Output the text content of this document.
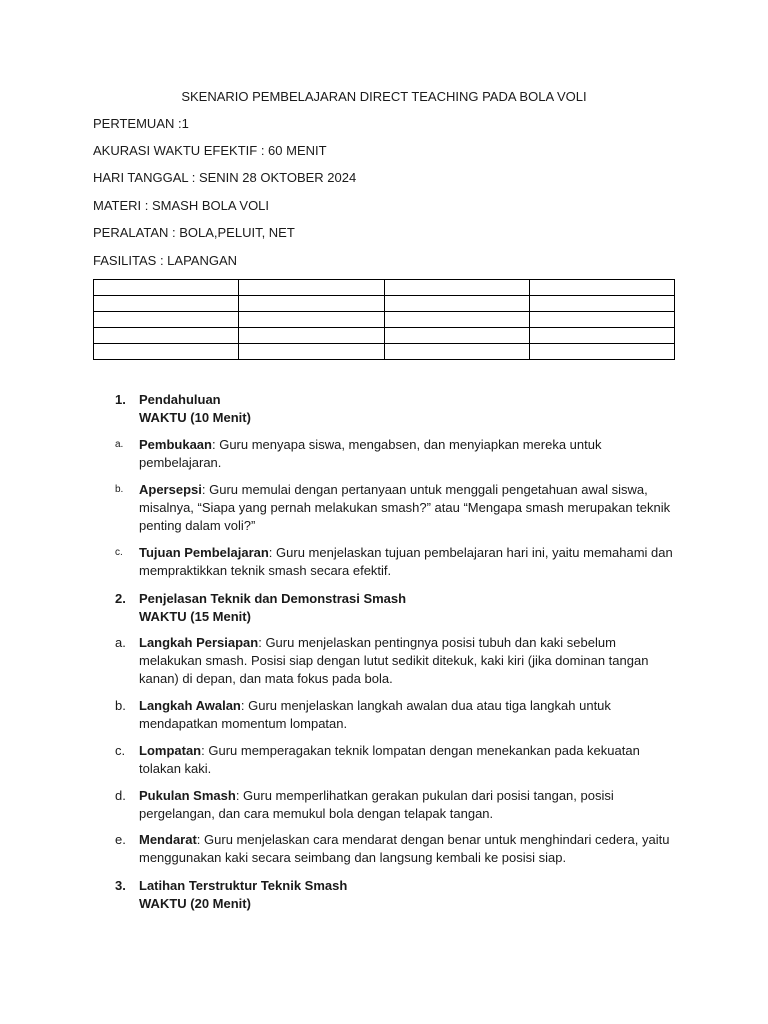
SKENARIO PEMBELAJARAN DIRECT TEACHING PADA BOLA VOLI
PERTEMUAN :1
AKURASI WAKTU EFEKTIF : 60 MENIT
HARI TANGGAL : SENIN 28 OKTOBER 2024
MATERI : SMASH BOLA VOLI
PERALATAN : BOLA,PELUIT, NET
FASILITAS : LAPANGAN

1.	Pendahuluan
WAKTU (10 Menit)
a.	Pembukaan: Guru menyapa siswa, mengabsen, dan menyiapkan mereka untuk pembelajaran.
b.	Apersepsi: Guru memulai dengan pertanyaan untuk menggali pengetahuan awal siswa, misalnya, “Siapa yang pernah melakukan smash?” atau “Mengapa smash merupakan teknik penting dalam voli?”
c.	Tujuan Pembelajaran: Guru menjelaskan tujuan pembelajaran hari ini, yaitu memahami dan mempraktikkan teknik smash secara efektif.
2.	Penjelasan Teknik dan Demonstrasi Smash
WAKTU (15 Menit)
a.	Langkah Persiapan: Guru menjelaskan pentingnya posisi tubuh dan kaki sebelum melakukan smash. Posisi siap dengan lutut sedikit ditekuk, kaki kiri (jika dominan tangan kanan) di depan, dan mata fokus pada bola.
b.	Langkah Awalan: Guru menjelaskan langkah awalan dua atau tiga langkah untuk mendapatkan momentum lompatan.
c.	Lompatan: Guru memperagakan teknik lompatan dengan menekankan pada kekuatan tolakan kaki.
d.	Pukulan Smash: Guru memperlihatkan gerakan pukulan dari posisi tangan, posisi pergelangan, dan cara memukul bola dengan telapak tangan.
e.	Mendarat: Guru menjelaskan cara mendarat dengan benar untuk menghindari cedera, yaitu menggunakan kaki secara seimbang dan langsung kembali ke posisi siap.
3.	Latihan Terstruktur Teknik Smash
WAKTU (20 Menit)
